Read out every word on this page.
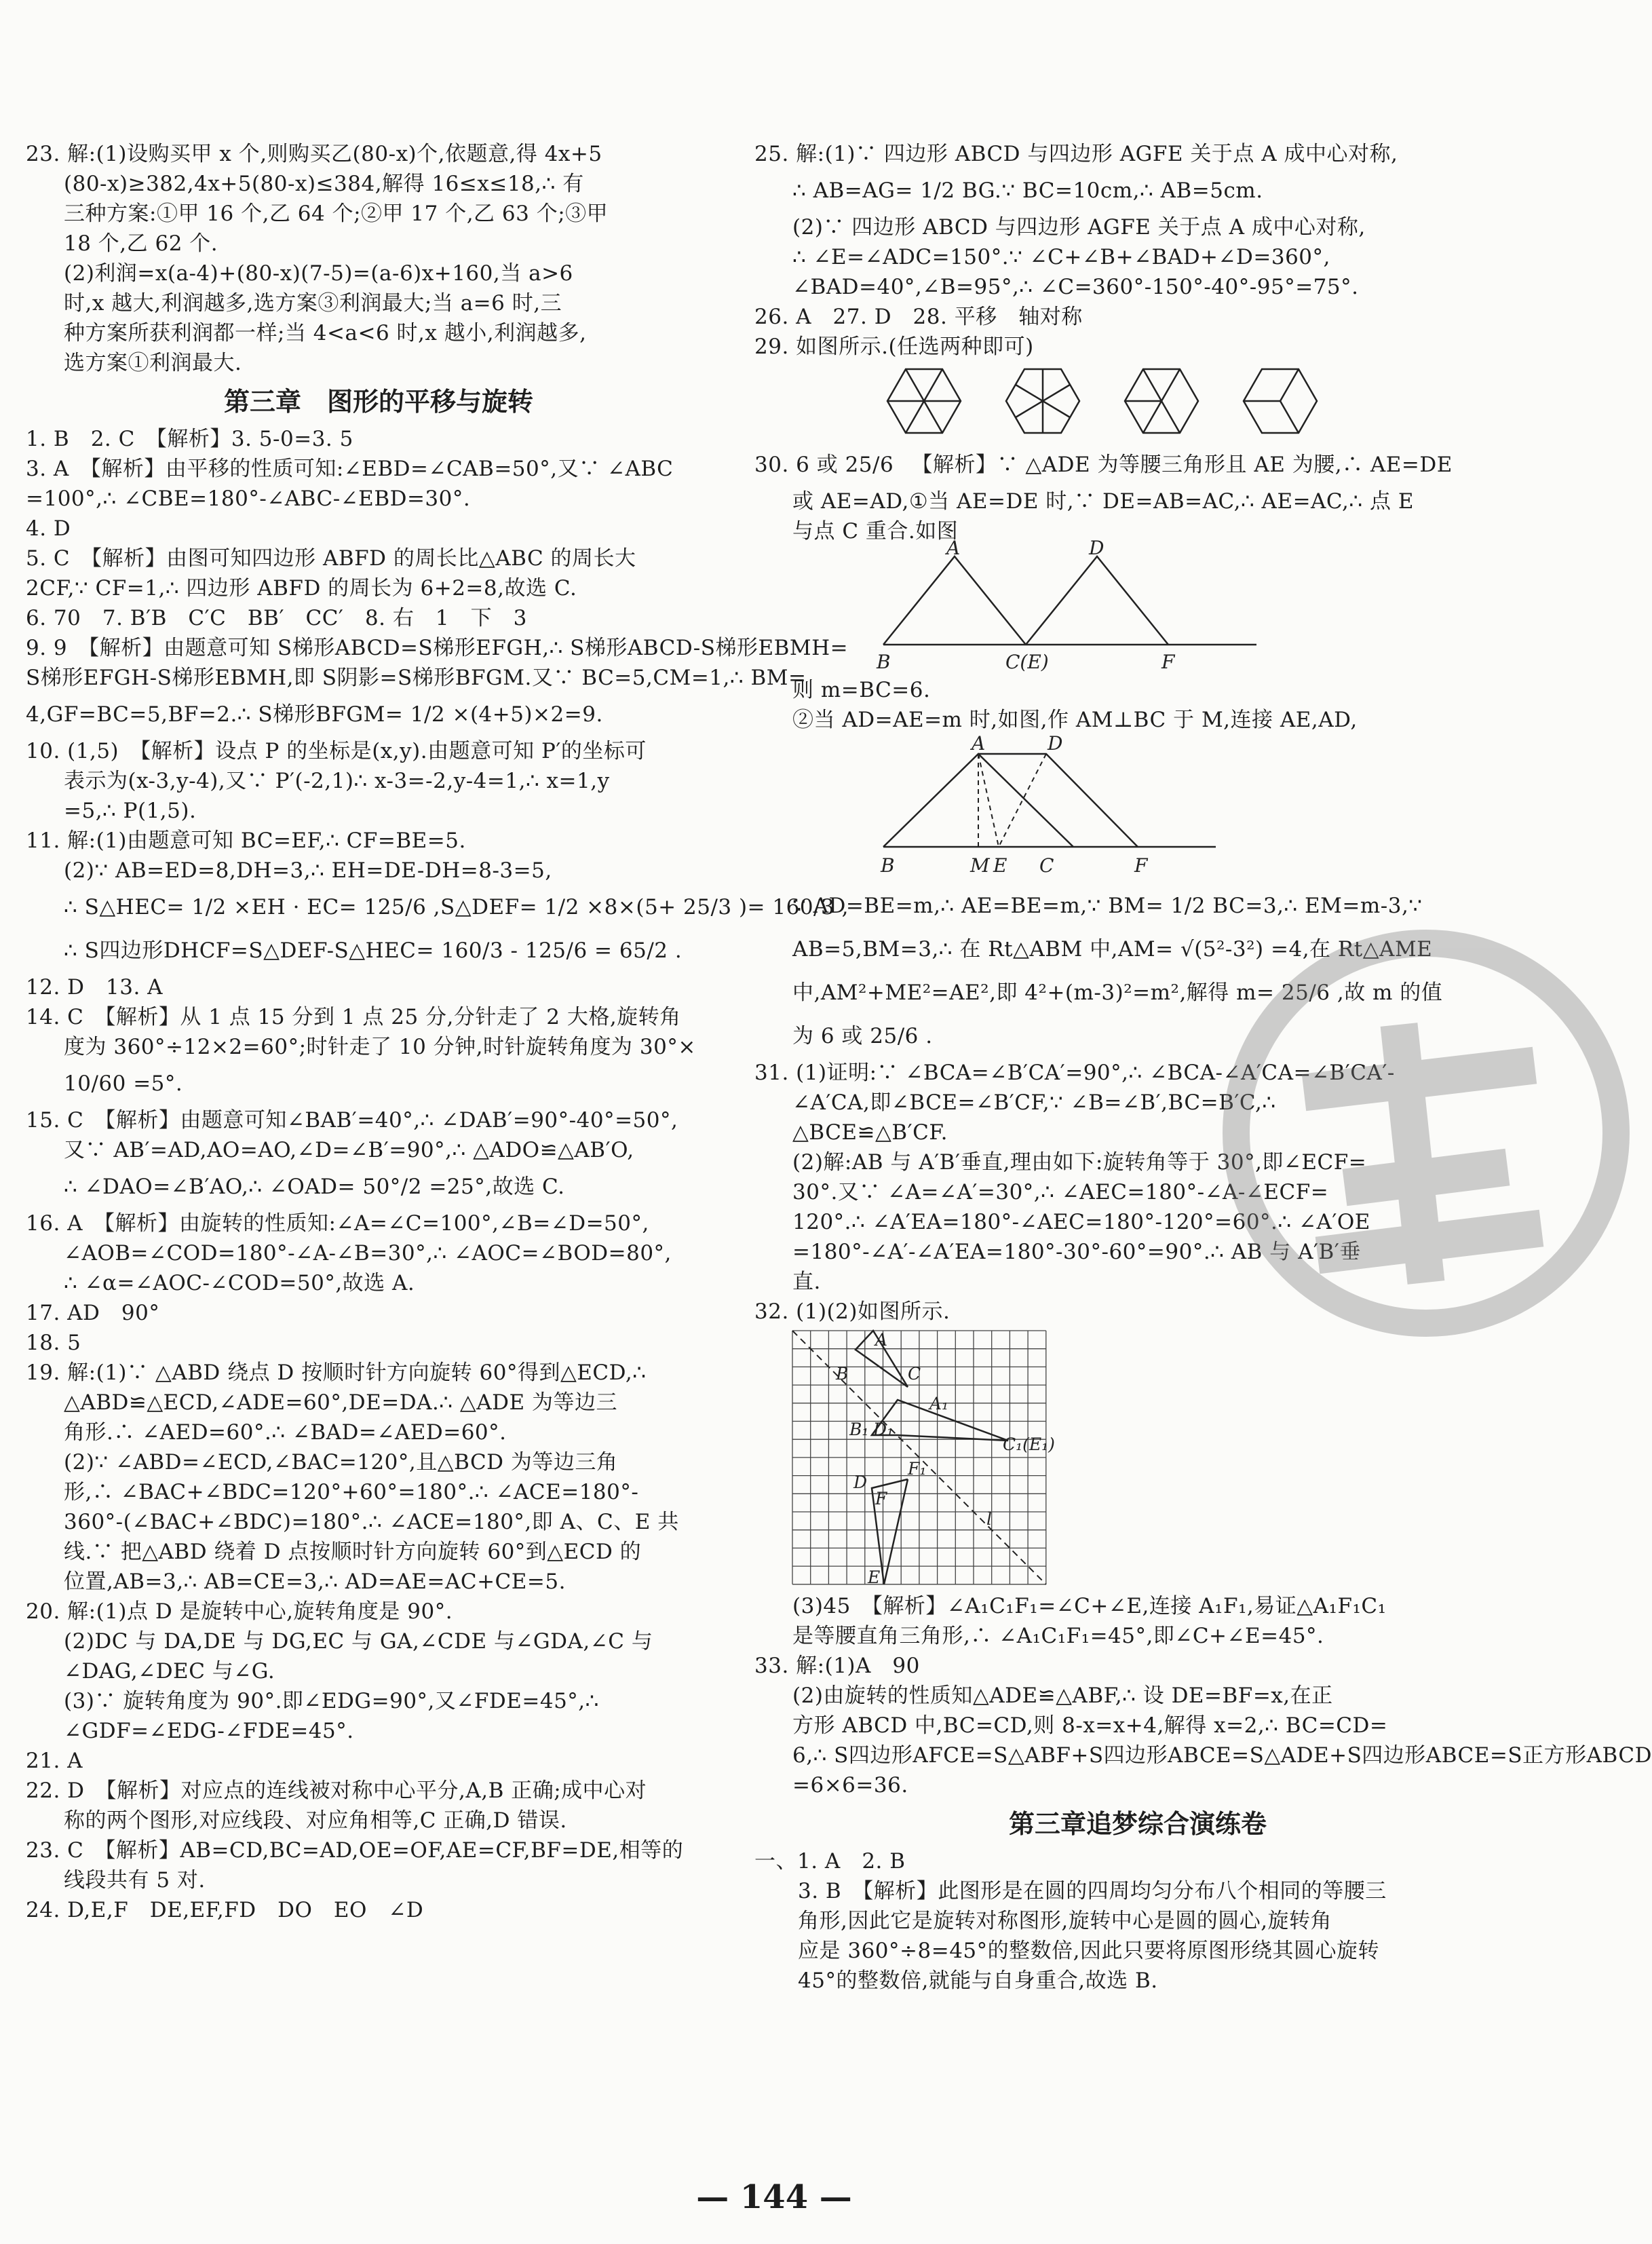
23. 解:(1)设购买甲 x 个,则购买乙(80-x)个,依题意,得 4x+5
(80-x)≥382,4x+5(80-x)≤384,解得 16≤x≤18,∴ 有
三种方案:①甲 16 个,乙 64 个;②甲 17 个,乙 63 个;③甲
18 个,乙 62 个.
(2)利润=x(a-4)+(80-x)(7-5)=(a-6)x+160,当 a>6
时,x 越大,利润越多,选方案③利润最大;当 a=6 时,三
种方案所获利润都一样;当 4<a<6 时,x 越小,利润越多,
选方案①利润最大.
第三章　图形的平移与旋转
1. B　2. C　【解析】3. 5-0=3. 5
3. A　【解析】由平移的性质可知:∠EBD=∠CAB=50°,又∵ ∠ABC
=100°,∴ ∠CBE=180°-∠ABC-∠EBD=30°.
4. D
5. C　【解析】由图可知四边形 ABFD 的周长比△ABC 的周长大
2CF,∵ CF=1,∴ 四边形 ABFD 的周长为 6+2=8,故选 C.
6. 70　7. B′B　C′C　BB′　CC′　8. 右　1　下　3
9. 9　【解析】由题意可知 S梯形ABCD=S梯形EFGH,∴ S梯形ABCD-S梯形EBMH=
S梯形EFGH-S梯形EBMH,即 S阴影=S梯形BFGM.又∵ BC=5,CM=1,∴ BM=
4,GF=BC=5,BF=2.∴ S梯形BFGM= 1/2 ×(4+5)×2=9.
10. (1,5)　【解析】设点 P 的坐标是(x,y).由题意可知 P′的坐标可
表示为(x-3,y-4),又∵ P′(-2,1)∴ x-3=-2,y-4=1,∴ x=1,y
=5,∴ P(1,5).
11. 解:(1)由题意可知 BC=EF,∴ CF=BE=5.
(2)∵ AB=ED=8,DH=3,∴ EH=DE-DH=8-3=5,
∴ S△HEC= 1/2 ×EH · EC= 125/6 ,S△DEF= 1/2 ×8×(5+ 25/3 )= 160/3 ,
∴ S四边形DHCF=S△DEF-S△HEC= 160/3 - 125/6 = 65/2 .
12. D　13. A
14. C　【解析】从 1 点 15 分到 1 点 25 分,分针走了 2 大格,旋转角
度为 360°÷12×2=60°;时针走了 10 分钟,时针旋转角度为 30°×
10/60 =5°.
15. C　【解析】由题意可知∠BAB′=40°,∴ ∠DAB′=90°-40°=50°,
又∵ AB′=AD,AO=AO,∠D=∠B′=90°,∴ △ADO≌△AB′O,
∴ ∠DAO=∠B′AO,∴ ∠OAD= 50°/2 =25°,故选 C.
16. A　【解析】由旋转的性质知:∠A=∠C=100°,∠B=∠D=50°,
∠AOB=∠COD=180°-∠A-∠B=30°,∴ ∠AOC=∠BOD=80°,
∴ ∠α=∠AOC-∠COD=50°,故选 A.
17. AD　90°
18. 5
19. 解:(1)∵ △ABD 绕点 D 按顺时针方向旋转 60°得到△ECD,∴
△ABD≌△ECD,∠ADE=60°,DE=DA.∴ △ADE 为等边三
角形.∴ ∠AED=60°.∴ ∠BAD=∠AED=60°.
(2)∵ ∠ABD=∠ECD,∠BAC=120°,且△BCD 为等边三角
形,∴ ∠BAC+∠BDC=120°+60°=180°.∴ ∠ACE=180°-
360°-(∠BAC+∠BDC)=180°.∴ ∠ACE=180°,即 A、C、E 共
线.∵ 把△ABD 绕着 D 点按顺时针方向旋转 60°到△ECD 的
位置,AB=3,∴ AB=CE=3,∴ AD=AE=AC+CE=5.
20. 解:(1)点 D 是旋转中心,旋转角度是 90°.
(2)DC 与 DA,DE 与 DG,EC 与 GA,∠CDE 与∠GDA,∠C 与
∠DAG,∠DEC 与∠G.
(3)∵ 旋转角度为 90°.即∠EDG=90°,又∠FDE=45°,∴
∠GDF=∠EDG-∠FDE=45°.
21. A
22. D　【解析】对应点的连线被对称中心平分,A,B 正确;成中心对
称的两个图形,对应线段、对应角相等,C 正确,D 错误.
23. C　【解析】AB=CD,BC=AD,OE=OF,AE=CF,BF=DE,相等的
线段共有 5 对.
24. D,E,F　DE,EF,FD　DO　EO　∠D
25. 解:(1)∵ 四边形 ABCD 与四边形 AGFE 关于点 A 成中心对称,
∴ AB=AG= 1/2 BG.∵ BC=10cm,∴ AB=5cm.
(2)∵ 四边形 ABCD 与四边形 AGFE 关于点 A 成中心对称,
∴ ∠E=∠ADC=150°.∵ ∠C+∠B+∠BAD+∠D=360°,
∠BAD=40°,∠B=95°,∴ ∠C=360°-150°-40°-95°=75°.
26. A　27. D　28. 平移　轴对称
29. 如图所示.(任选两种即可)
30. 6 或 25/6 　【解析】∵ △ADE 为等腰三角形且 AE 为腰,∴ AE=DE
或 AE=AD,①当 AE=DE 时,∵ DE=AB=AC,∴ AE=AC,∴ 点 E
与点 C 重合.如图
A	D
B	C(E)	F
则 m=BC=6.
②当 AD=AE=m 时,如图,作 AM⊥BC 于 M,连接 AE,AD,
A	D
B	M E C	F
∵ AD=BE=m,∴ AE=BE=m,∵ BM= 1/2 BC=3,∴ EM=m-3,∵
AB=5,BM=3,∴ 在 Rt△ABM 中,AM= √(5²-3²) =4,在 Rt△AME
中,AM²+ME²=AE²,即 4²+(m-3)²=m²,解得 m= 25/6 ,故 m 的值
为 6 或 25/6 .
31. (1)证明:∵ ∠BCA=∠B′CA′=90°,∴ ∠BCA-∠A′CA=∠B′CA′-
∠A′CA,即∠BCE=∠B′CF,∵ ∠B=∠B′,BC=B′C,∴
△BCE≌△B′CF.
(2)解:AB 与 A′B′垂直,理由如下:旋转角等于 30°,即∠ECF=
30°.又∵ ∠A=∠A′=30°,∴ ∠AEC=180°-∠A-∠ECF=
120°.∴ ∠A′EA=180°-∠AEC=180°-120°=60°.∴ ∠A′OE
=180°-∠A′-∠A′EA=180°-30°-60°=90°.∴ AB 与 A′B′垂
直.
32. (1)(2)如图所示.
A
C
B
A₁
B₁ D₁
C₁(E₁)
F₁
D
F
l
E
(3)45　【解析】∠A₁C₁F₁=∠C+∠E,连接 A₁F₁,易证△A₁F₁C₁
是等腰直角三角形,∴ ∠A₁C₁F₁=45°,即∠C+∠E=45°.
33. 解:(1)A　90
(2)由旋转的性质知△ADE≌△ABF,∴ 设 DE=BF=x,在正
方形 ABCD 中,BC=CD,则 8-x=x+4,解得 x=2,∴ BC=CD=
6,∴ S四边形AFCE=S△ABF+S四边形ABCE=S△ADE+S四边形ABCE=S正方形ABCD
=6×6=36.
第三章追梦综合演练卷
一、1. A　2. B
3. B　【解析】此图形是在圆的四周均匀分布八个相同的等腰三
角形,因此它是旋转对称图形,旋转中心是圆的圆心,旋转角
应是 360°÷8=45°的整数倍,因此只要将原图形绕其圆心旋转
45°的整数倍,就能与自身重合,故选 B.
— 144 —
